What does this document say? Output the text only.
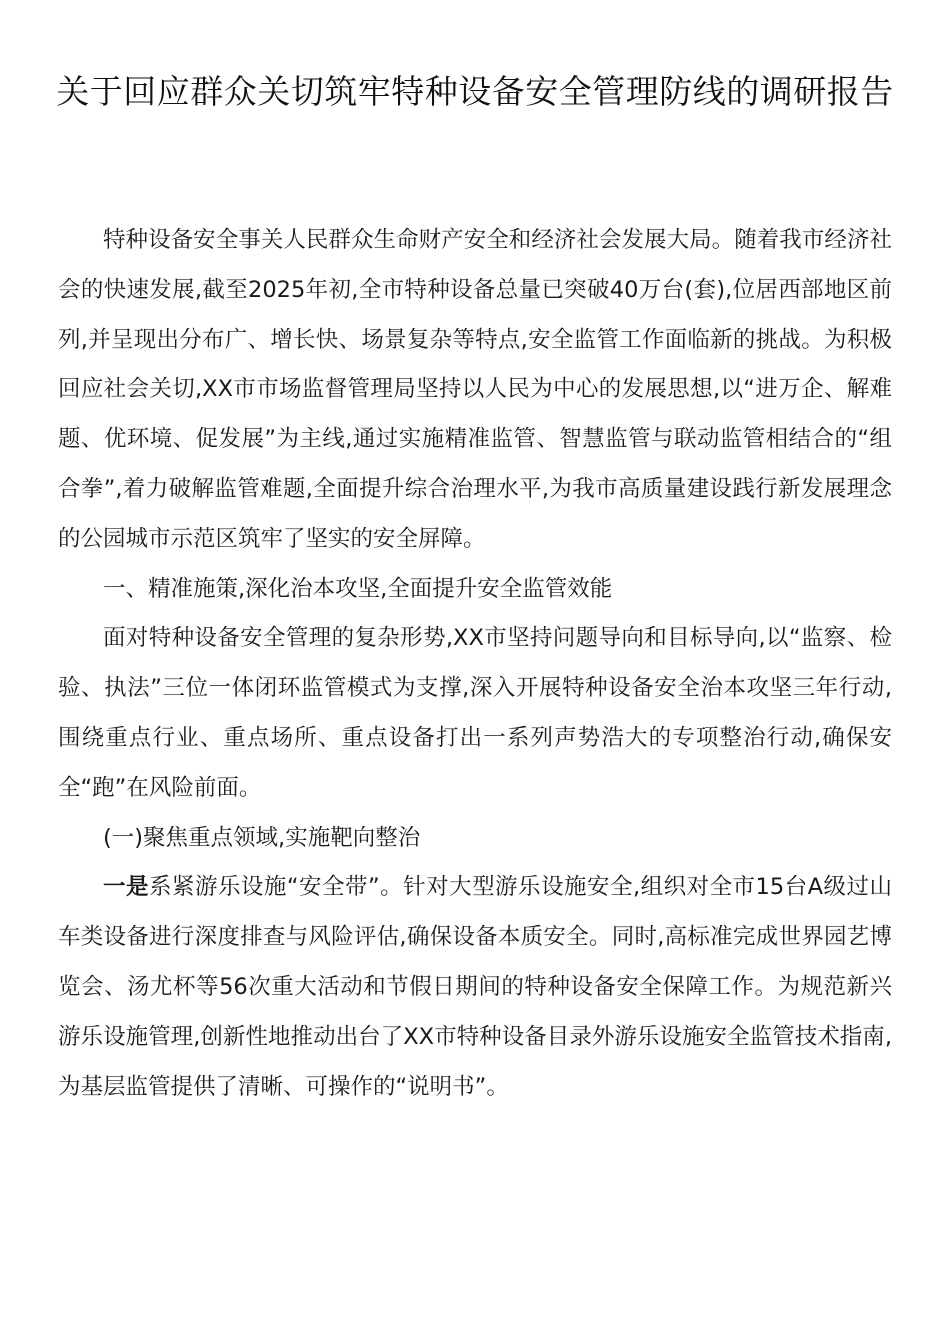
关于回应群众关切筑牢特种设备安全管理防线的调研报告

特种设备安全事关人民群众生命财产安全和经济社会发展大局。随着我市经济社会的快速发展,截至2025年初,全市特种设备总量已突破40万台(套),位居西部地区前列,并呈现出分布广、增长快、场景复杂等特点,安全监管工作面临新的挑战。为积极回应社会关切,XX市市场监督管理局坚持以人民为中心的发展思想,以“进万企、解难题、优环境、促发展”为主线,通过实施精准监管、智慧监管与联动监管相结合的“组合拳”,着力破解监管难题,全面提升综合治理水平,为我市高质量建设践行新发展理念的公园城市示范区筑牢了坚实的安全屏障。

一、精准施策,深化治本攻坚,全面提升安全监管效能

面对特种设备安全管理的复杂形势,XX市坚持问题导向和目标导向,以“监察、检验、执法”三位一体闭环监管模式为支撑,深入开展特种设备安全治本攻坚三年行动,围绕重点行业、重点场所、重点设备打出一系列声势浩大的专项整治行动,确保安全“跑”在风险前面。

(一)聚焦重点领域,实施靶向整治

一是系紧游乐设施“安全带”。针对大型游乐设施安全,组织对全市15台A级过山车类设备进行深度排查与风险评估,确保设备本质安全。同时,高标准完成世界园艺博览会、汤尤杯等56次重大活动和节假日期间的特种设备安全保障工作。为规范新兴游乐设施管理,创新性地推动出台了XX市特种设备目录外游乐设施安全监管技术指南,为基层监管提供了清晰、可操作的“说明书”。
